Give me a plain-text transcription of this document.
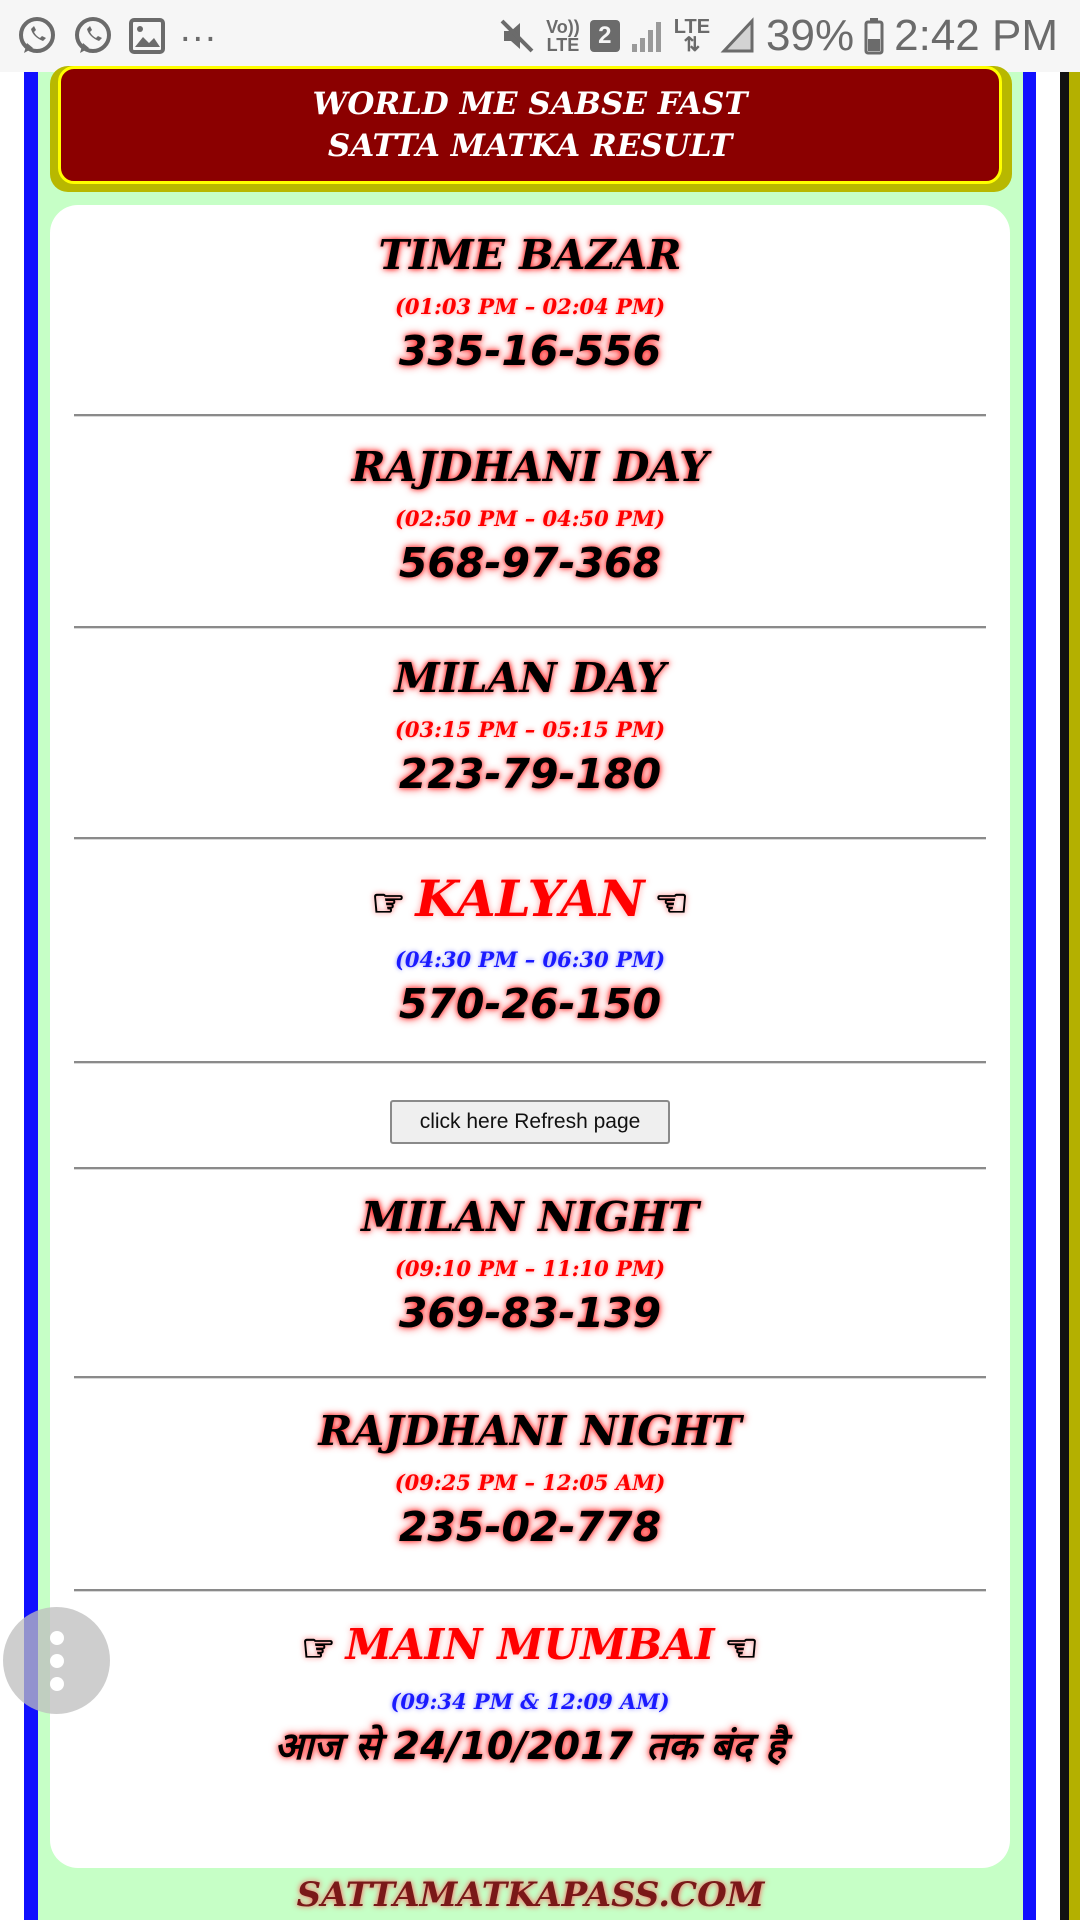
...	Vo))
LTE 2	LTE
⇅ 39% 2:42 PM
WORLD ME SABSE FAST
SATTA MATKA RESULT
TIME BAZAR
(01:03 PM – 02:04 PM)
335-16-556
RAJDHANI DAY
(02:50 PM – 04:50 PM)
568-97-368
MILAN DAY
(03:15 PM – 05:15 PM)
223-79-180
☞ KALYAN ☜
(04:30 PM – 06:30 PM)
570-26-150
click here Refresh page
MILAN NIGHT
(09:10 PM – 11:10 PM)
369-83-139
RAJDHANI NIGHT
(09:25 PM – 12:05 AM)
235-02-778
☞ MAIN MUMBAI ☜
(09:34 PM & 12:09 AM)
आज से 24/10/2017 तक बंद है
SATTAMATKAPASS.COM
